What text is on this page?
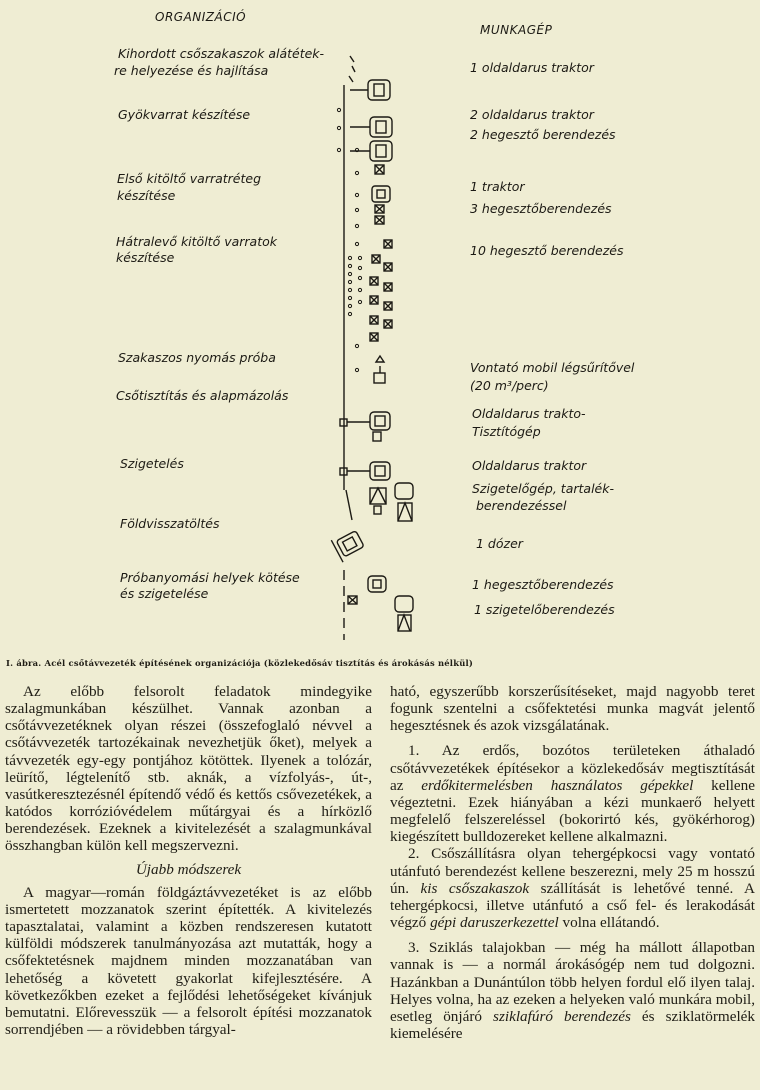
ORGANIZÁCIÓ
MUNKAGÉP
Kihordott csőszakaszok alátétek-
re helyezése és hajlítása
Gyökvarrat készítése
Első kitöltő varratréteg
készítése
Hátralevő kitöltő varratok
készítése
Szakaszos nyomás próba
Csőtisztítás és alapmázolás
Szigetelés
Földvisszatöltés
Próbanyomási helyek kötése
és szigetelése
1 oldaldarus traktor
2 oldaldarus traktor
2 hegesztő berendezés
1 traktor
3 hegesztőberendezés
10 hegesztő berendezés
Vontató mobil légsűrítővel
(20 m³/perc)
Oldaldarus trakto-
Tisztítógép
Oldaldarus traktor
Szigetelőgép, tartalék-
berendezéssel
1 dózer
1 hegesztőberendezés
1 szigetelőberendezés
I. ábra. Acél csőtávvezeték építésének organizációja (közlekedősáv tisztítás és árokásás nélkül)

Az előbb felsorolt feladatok mindegyike szalagmunkában készülhet. Vannak azonban a csőtávvezetéknek olyan részei (összefoglaló névvel a csőtávvezeték tartozékainak nevezhetjük őket), melyek a távvezeték egy-egy pontjához kötöttek. Ilyenek a tolózár, leürítő, légtelenítő stb. aknák, a vízfolyás-, út-, vasútkeresztezésnél építendő védő és kettős csővezetékek, a katódos korrózióvédelem műtárgyai és a hírközlő berendezések. Ezeknek a kivitelezését a szalagmunkával összhangban külön kell megszervezni.

Újabb módszerek

A magyar—román földgáztávvezetéket is az előbb ismertetett mozzanatok szerint építették. A kivitelezés tapasztalatai, valamint a közben rendszeresen kutatott külföldi módszerek tanulmányozása azt mutatták, hogy a csőfektetésnek majdnem minden mozzanatában van lehetőség a követett gyakorlat kifejlesztésére. A következőkben ezeket a fejlődési lehetőségeket kívánjuk bemutatni. Előrevesszük — a felsorolt építési mozzanatok sorrendjében — a rövidebben tárgyal-

ható, egyszerűbb korszerűsítéseket, majd nagyobb teret fogunk szentelni a csőfektetési munka magvát jelentő hegesztésnek és azok vizsgálatának.

1. Az erdős, bozótos területeken áthaladó csőtávvezetékek építésekor a közlekedősáv megtisztítását az erdőkitermelésben használatos gépekkel kellene végeztetni. Ezek hiányában a kézi munkaerő helyett megfelelő felszereléssel (bokorirtó kés, gyökérhorog) kiegészített bulldozereket kellene alkalmazni.

2. Csőszállításra olyan tehergépkocsi vagy vontató utánfutó berendezést kellene beszerezni, mely 25 m hosszú ún. kis csőszakaszok szállítását is lehetővé tenné. A tehergépkocsi, illetve utánfutó a cső fel- és lerakodását végző gépi daruszerkezettel volna ellátandó.

3. Sziklás talajokban — még ha mállott állapotban vannak is — a normál árokásógép nem tud dolgozni. Hazánkban a Dunántúlon több helyen fordul elő ilyen talaj. Helyes volna, ha az ezeken a helyeken való munkára mobil, esetleg önjáró sziklafúró berendezés és sziklatörmelék kiemelésére
